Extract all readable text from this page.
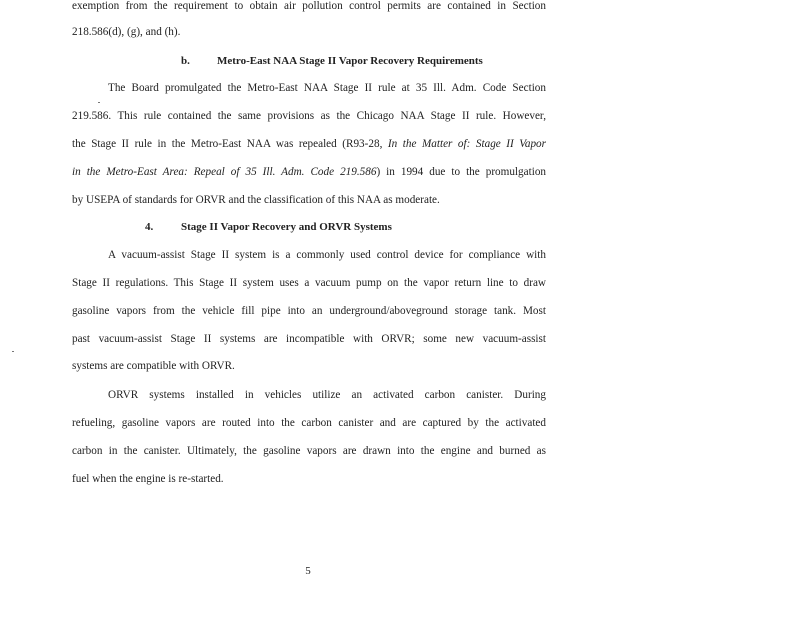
exemption from the requirement to obtain air pollution control permits are contained in Section
218.586(d), (g), and (h).
b. Metro-East NAA Stage II Vapor Recovery Requirements
The Board promulgated the Metro-East NAA Stage II rule at 35 Ill. Adm. Code Section
219.586. This rule contained the same provisions as the Chicago NAA Stage II rule. However,
the Stage II rule in the Metro-East NAA was repealed (R93-28, In the Matter of: Stage II Vapor
in the Metro-East Area: Repeal of 35 Ill. Adm. Code 219.586) in 1994 due to the promulgation
by USEPA of standards for ORVR and the classification of this NAA as moderate.
4.	Stage II Vapor Recovery and ORVR Systems
A vacuum-assist Stage II system is a commonly used control device for compliance with
Stage II regulations. This Stage II system uses a vacuum pump on the vapor return line to draw
gasoline vapors from the vehicle fill pipe into an underground/aboveground storage tank. Most
past vacuum-assist Stage II systems are incompatible with ORVR; some new vacuum-assist
systems are compatible with ORVR.
ORVR systems installed in vehicles utilize an activated carbon canister. During
refueling, gasoline vapors are routed into the carbon canister and are captured by the activated
carbon in the canister. Ultimately, the gasoline vapors are drawn into the engine and burned as
fuel when the engine is re-started.
5
